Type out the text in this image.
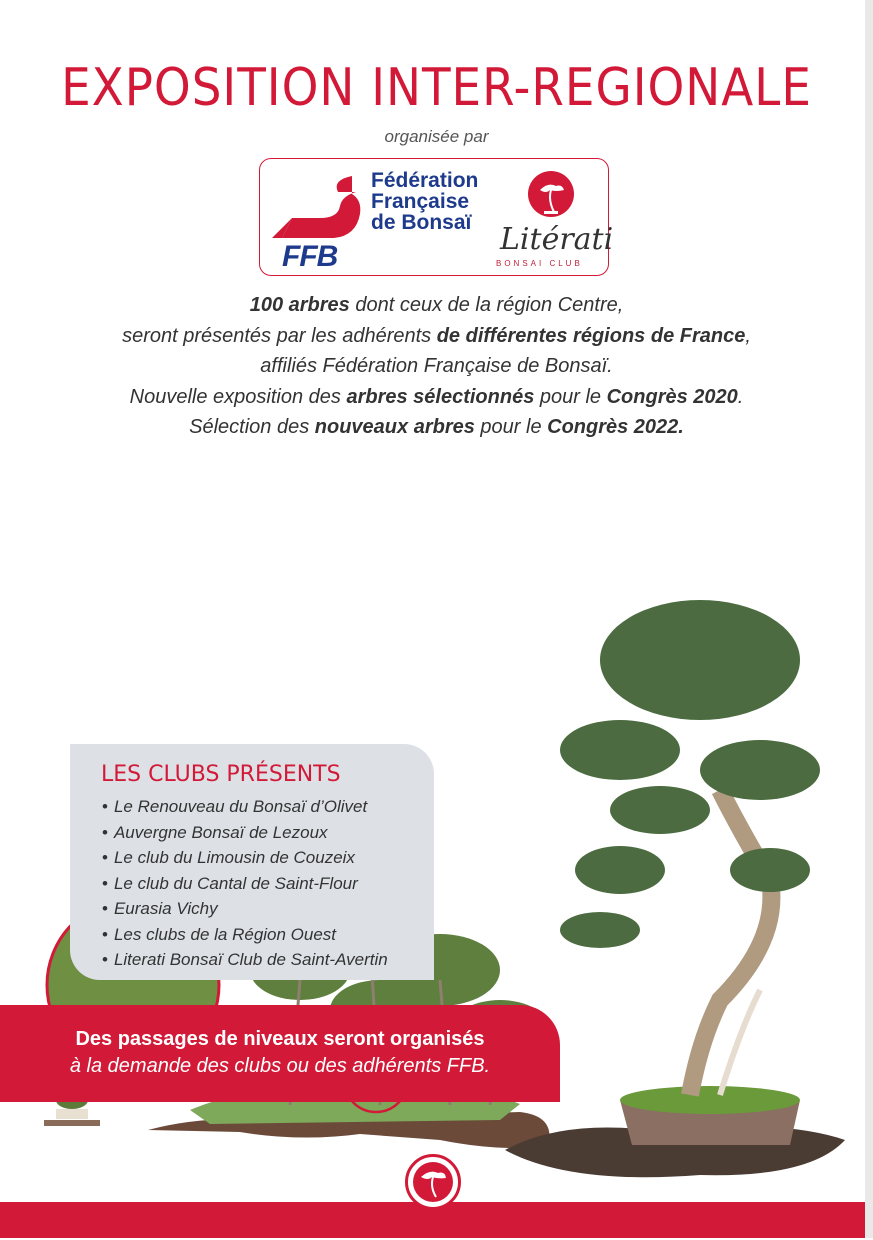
EXPOSITION INTER-REGIONALE
organisée par
Fédération
Française
de Bonsaï
FFB	Litérati
BONSAI CLUB
100 arbres dont ceux de la région Centre,
seront présentés par les adhérents de différentes régions de France,
affiliés Fédération Française de Bonsaï.
Nouvelle exposition des arbres sélectionnés pour le Congrès 2020.
Sélection des nouveaux arbres pour le Congrès 2022.
LES CLUBS PRÉSENTS
• Le Renouveau du Bonsaï d’Olivet
• Auvergne Bonsaï de Lezoux
• Le club du Limousin de Couzeix
• Le club du Cantal de Saint-Flour
• Eurasia Vichy
• Les clubs de la Région Ouest
• Literati Bonsaï Club de Saint-Avertin
Des passages de niveaux seront organisés
à la demande des clubs ou des adhérents FFB.
